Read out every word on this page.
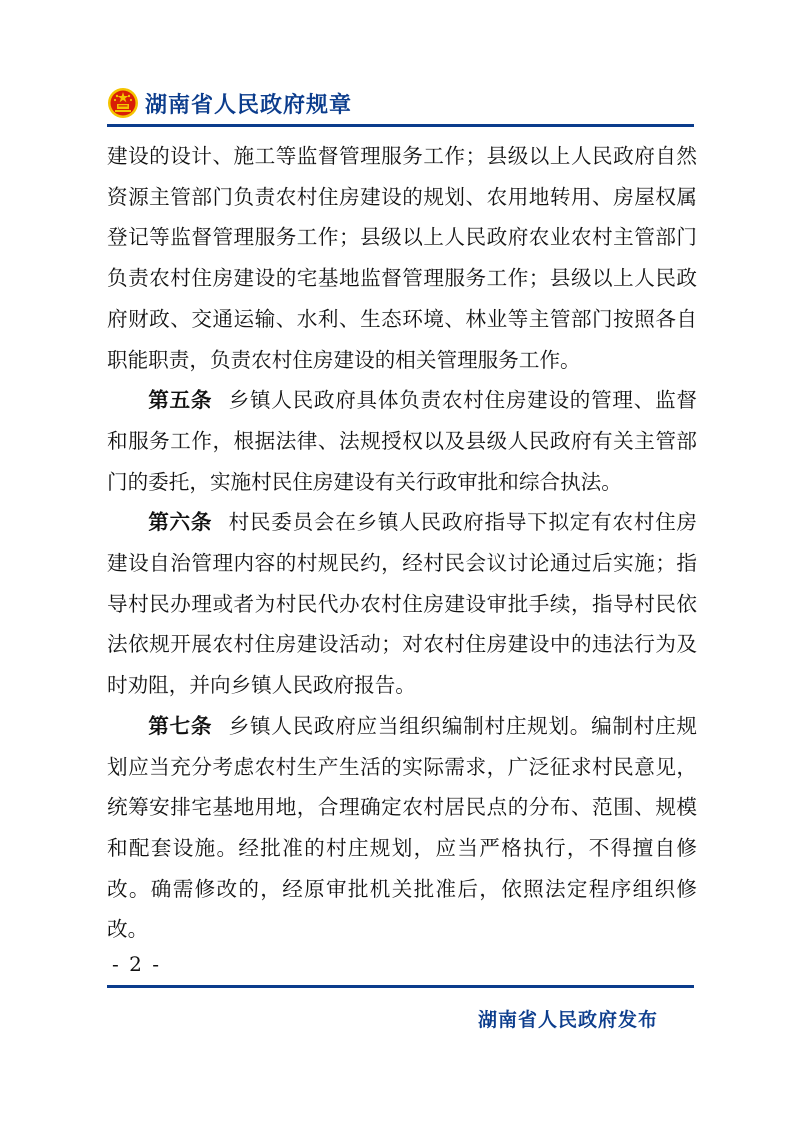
湖南省人民政府规章

建设的设计、施工等监督管理服务工作；县级以上人民政府自然资源主管部门负责农村住房建设的规划、农用地转用、房屋权属登记等监督管理服务工作；县级以上人民政府农业农村主管部门负责农村住房建设的宅基地监督管理服务工作；县级以上人民政府财政、交通运输、水利、生态环境、林业等主管部门按照各自职能职责，负责农村住房建设的相关管理服务工作。

第五条 乡镇人民政府具体负责农村住房建设的管理、监督和服务工作，根据法律、法规授权以及县级人民政府有关主管部门的委托，实施村民住房建设有关行政审批和综合执法。

第六条 村民委员会在乡镇人民政府指导下拟定有农村住房建设自治管理内容的村规民约，经村民会议讨论通过后实施；指导村民办理或者为村民代办农村住房建设审批手续，指导村民依法依规开展农村住房建设活动；对农村住房建设中的违法行为及时劝阻，并向乡镇人民政府报告。

第七条 乡镇人民政府应当组织编制村庄规划。编制村庄规划应当充分考虑农村生产生活的实际需求，广泛征求村民意见，统筹安排宅基地用地，合理确定农村居民点的分布、范围、规模和配套设施。经批准的村庄规划，应当严格执行，不得擅自修改。确需修改的，经原审批机关批准后，依照法定程序组织修改。

- 2 -
湖南省人民政府发布
